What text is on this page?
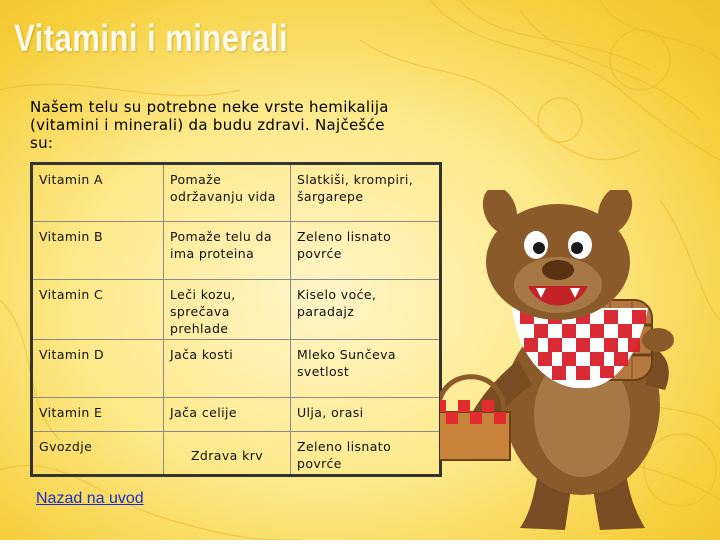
Vitamini i minerali

Našem telu su potrebne neke vrste hemikalija (vitamini i minerali) da budu zdravi. Najčešće su:

Vitamin A	Pomaže održavanju vida	Slatkiši, krompiri, šargarepe
Vitamin B	Pomaže telu da ima proteina	Zeleno lisnato povrće
Vitamin C	Leči kozu, sprečava prehlade	Kiselo voće, paradajz
Vitamin D	Jača kosti	Mleko Sunčeva svetlost
Vitamin E	Jača celije	Ulja, orasi
Gvozdje	Zdrava krv	Zeleno lisnato povrće
Nazad na uvod
